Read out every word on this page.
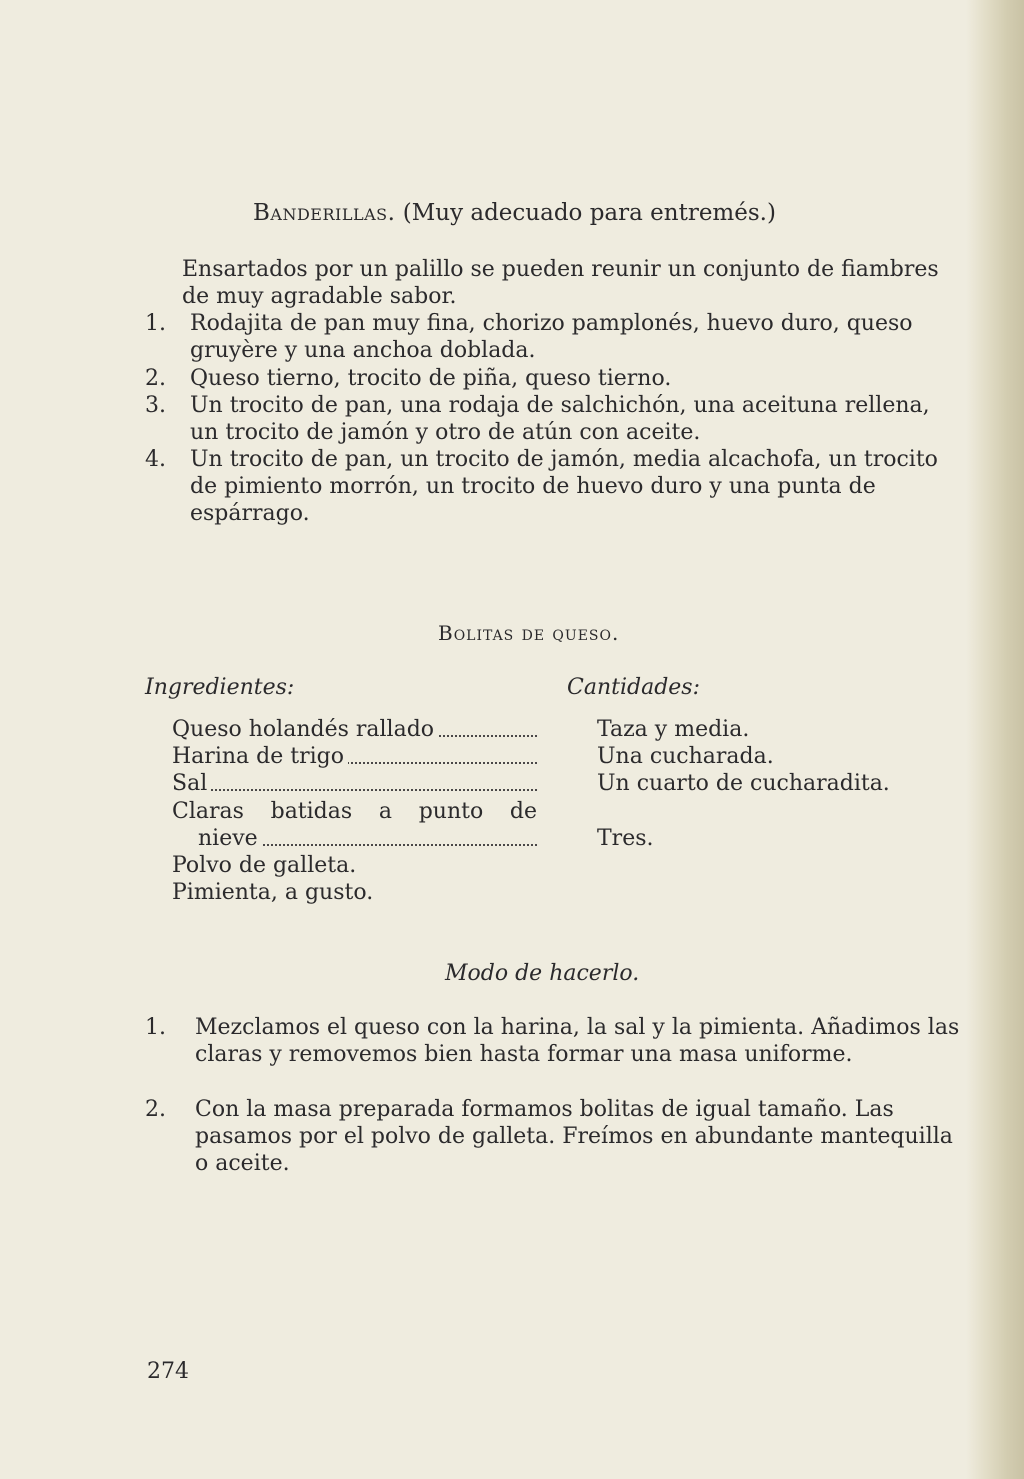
Banderillas. (Muy adecuado para entremés.)
Ensartados por un palillo se pueden reunir un conjunto de fiambres de muy agradable sabor.
1. Rodajita de pan muy fina, chorizo pamplonés, huevo duro, queso gruyère y una anchoa doblada.
2. Queso tierno, trocito de piña, queso tierno.
3. Un trocito de pan, una rodaja de salchichón, una aceituna rellena, un trocito de jamón y otro de atún con aceite.
4. Un trocito de pan, un trocito de jamón, media alcachofa, un trocito de pimiento morrón, un trocito de huevo duro y una punta de espárrago.
Bolitas de queso.
Ingredientes:	Cantidades:
Queso holandés rallado	Taza y media.
Harina de trigo	Una cucharada.
Sal	Un cuarto de cucharadita.
Claras batidas a punto de
nieve	Tres.
Polvo de galleta.
Pimienta, a gusto.
Modo de hacerlo.
1. Mezclamos el queso con la harina, la sal y la pimienta. Añadimos las claras y removemos bien hasta formar una masa uniforme.
2. Con la masa preparada formamos bolitas de igual tamaño. Las pasamos por el polvo de galleta. Freímos en abundante mantequilla o aceite.
274
